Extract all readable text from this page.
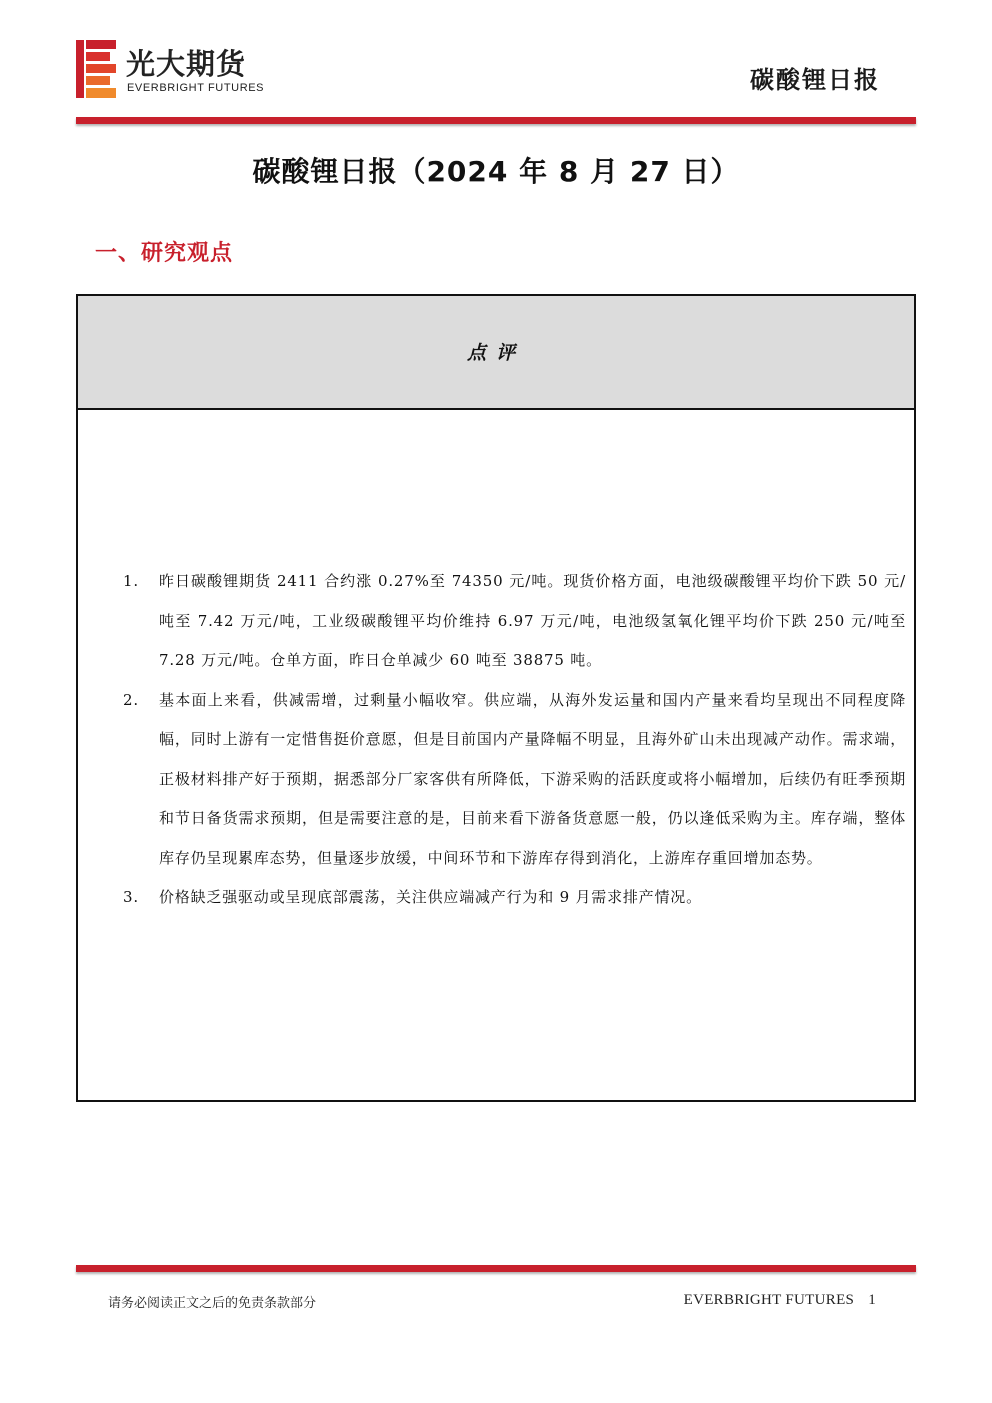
光大期货
EVERBRIGHT FUTURES	碳酸锂日报
碳酸锂日报（2024 年 8 月 27 日）
一、研究观点
点评
1. 昨日碳酸锂期货 2411 合约涨 0.27%至 74350 元/吨。现货价格方面，电池级碳酸锂平均价下跌 50 元/吨至 7.42 万元/吨，工业级碳酸锂平均价维持 6.97 万元/吨，电池级氢氧化锂平均价下跌 250 元/吨至 7.28 万元/吨。仓单方面，昨日仓单减少 60 吨至 38875 吨。
2. 基本面上来看，供减需增，过剩量小幅收窄。供应端，从海外发运量和国内产量来看均呈现出不同程度降幅，同时上游有一定惜售挺价意愿，但是目前国内产量降幅不明显，且海外矿山未出现减产动作。需求端，正极材料排产好于预期，据悉部分厂家客供有所降低，下游采购的活跃度或将小幅增加，后续仍有旺季预期和节日备货需求预期，但是需要注意的是，目前来看下游备货意愿一般，仍以逢低采购为主。库存端，整体库存仍呈现累库态势，但量逐步放缓，中间环节和下游库存得到消化，上游库存重回增加态势。
3. 价格缺乏强驱动或呈现底部震荡，关注供应端减产行为和 9 月需求排产情况。
请务必阅读正文之后的免责条款部分	EVERBRIGHT FUTURES 1
